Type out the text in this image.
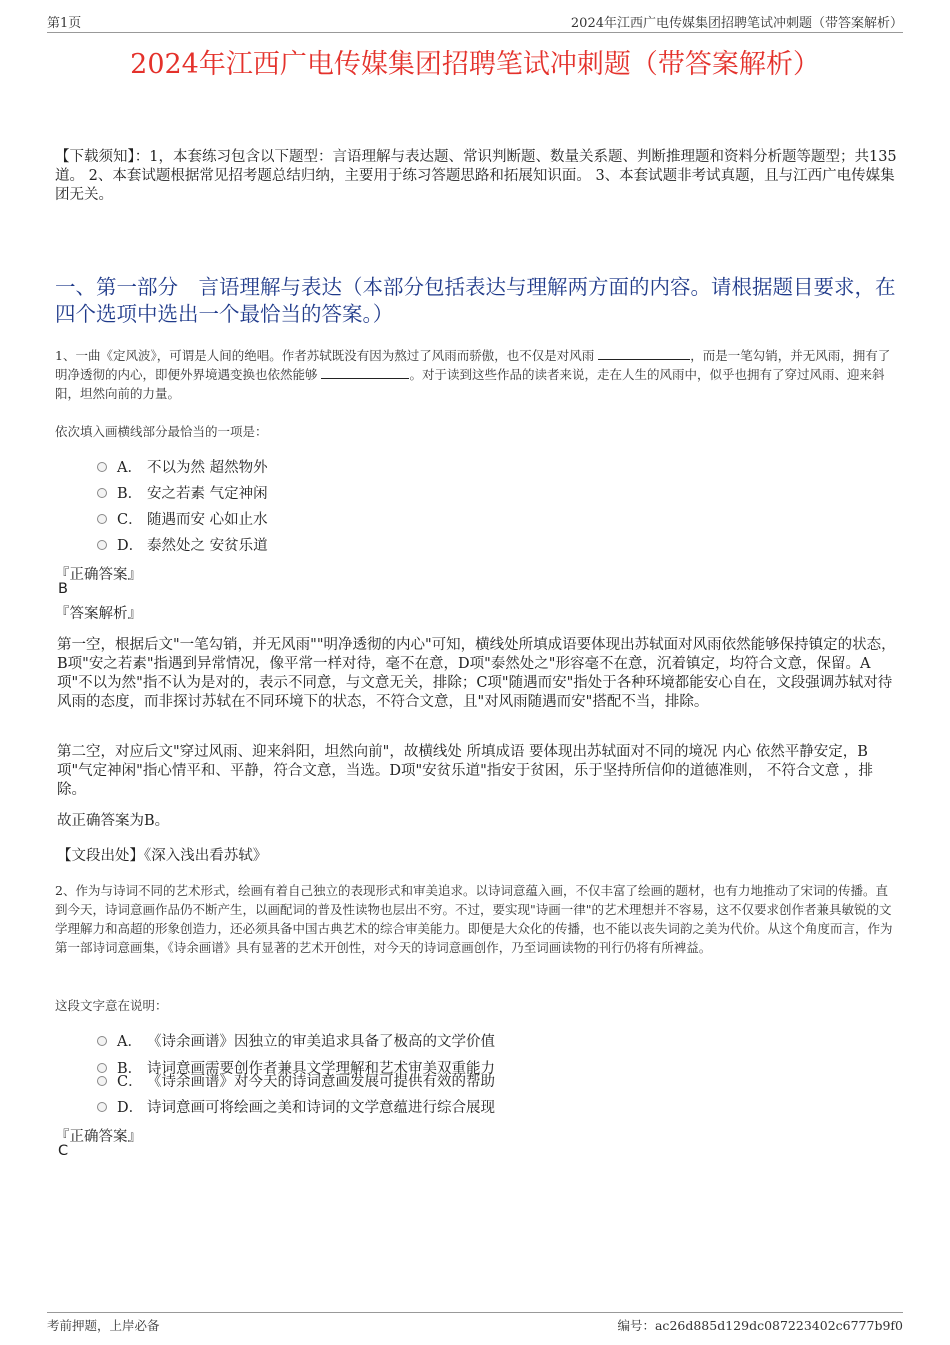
第1页	2024年江西广电传媒集团招聘笔试冲刺题（带答案解析）
2024年江西广电传媒集团招聘笔试冲刺题（带答案解析）
【下载须知】：1，本套练习包含以下题型：言语理解与表达题、常识判断题、数量关系题、判断推理题和资料分析题等题型；共135道。 2、本套试题根据常见招考题总结归纳，主要用于练习答题思路和拓展知识面。 3、本套试题非考试真题，且与江西广电传媒集团无关。
一、第一部分　言语理解与表达（本部分包括表达与理解两方面的内容。请根据题目要求，在四个选项中选出一个最恰当的答案。）
1、一曲《定风波》，可谓是人间的绝唱。作者苏轼既没有因为熬过了风雨而骄傲，也不仅是对风雨	，而是一笔勾销，并无风雨，拥有了明净透彻的内心，即便外界境遇变换也依然能够	。对于读到这些作品的读者来说，走在人生的风雨中，似乎也拥有了穿过风雨、迎来斜阳，坦然向前的力量。
依次填入画横线部分最恰当的一项是：
A． 不以为然 超然物外
B． 安之若素 气定神闲
C． 随遇而安 心如止水
D． 泰然处之 安贫乐道
『正确答案』
B
『答案解析』
第一空，根据后文"一笔勾销，并无风雨""明净透彻的内心"可知，横线处所填成语要体现出苏轼面对风雨依然能够保持镇定的状态，B项"安之若素"指遇到异常情况，像平常一样对待，毫不在意，D项"泰然处之"形容毫不在意，沉着镇定，均符合文意，保留。A项"不以为然"指不认为是对的，表示不同意，与文意无关，排除；C项"随遇而安"指处于各种环境都能安心自在，文段强调苏轼对待风雨的态度，而非探讨苏轼在不同环境下的状态，不符合文意，且"对风雨随遇而安"搭配不当，排除。
第二空，对应后文"穿过风雨、迎来斜阳，坦然向前"，故横线处 所填成语 要体现出苏轼面对不同的境况 内心 依然平静安定，B项"气定神闲"指心情平和、平静，符合文意，当选。D项"安贫乐道"指安于贫困，乐于坚持所信仰的道德准则， 不符合文意 ，排除。
故正确答案为B。
【文段出处】《深入浅出看苏轼》
2、作为与诗词不同的艺术形式，绘画有着自己独立的表现形式和审美追求。以诗词意蕴入画，不仅丰富了绘画的题材，也有力地推动了宋词的传播。直到今天，诗词意画作品仍不断产生，以画配词的普及性读物也层出不穷。不过，要实现"诗画一律"的艺术理想并不容易，这不仅要求创作者兼具敏锐的文学理解力和高超的形象创造力，还必须具备中国古典艺术的综合审美能力。即便是大众化的传播，也不能以丧失词韵之美为代价。从这个角度而言，作为第一部诗词意画集，《诗余画谱》具有显著的艺术开创性，对今天的诗词意画创作，乃至词画读物的刊行仍将有所裨益。
这段文字意在说明：
A． 《诗余画谱》因独立的审美追求具备了极高的文学价值
B． 诗词意画需要创作者兼具文学理解和艺术审美双重能力
C． 《诗余画谱》对今天的诗词意画发展可提供有效的帮助
D． 诗词意画可将绘画之美和诗词的文学意蕴进行综合展现
『正确答案』
C
考前押题，上岸必备	编号：ac26d885d129dc087223402c6777b9f0
